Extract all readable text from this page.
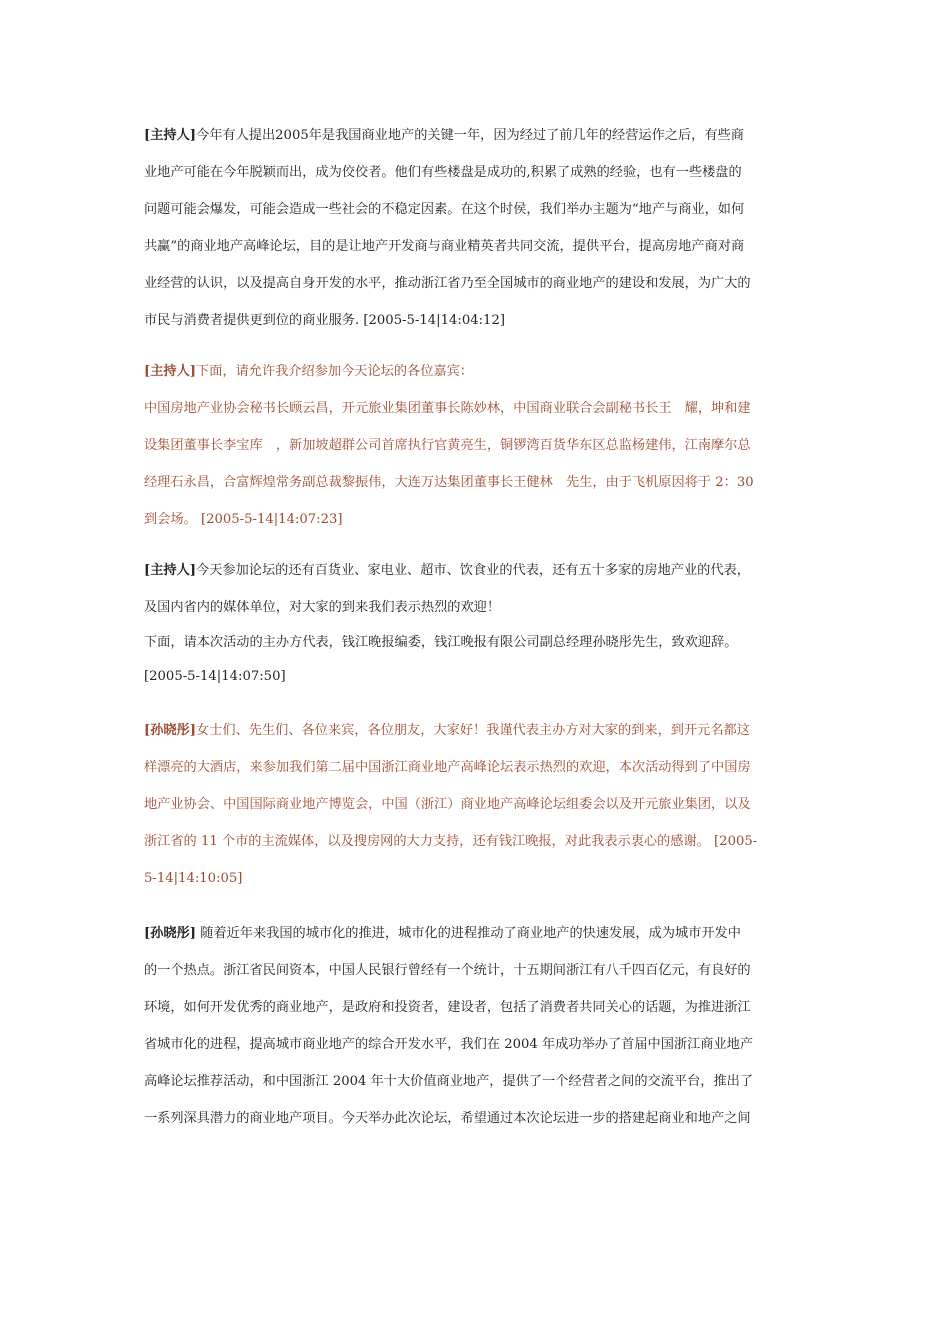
[主持人]今年有人提出2005年是我国商业地产的关键一年，因为经过了前几年的经营运作之后，有些商
业地产可能在今年脱颖而出，成为佼佼者。他们有些楼盘是成功的,积累了成熟的经验，也有一些楼盘的
问题可能会爆发，可能会造成一些社会的不稳定因素。在这个时侯，我们举办主题为“地产与商业，如何
共赢”的商业地产高峰论坛，目的是让地产开发商与商业精英者共同交流，提供平台，提高房地产商对商
业经营的认识，以及提高自身开发的水平，推动浙江省乃至全国城市的商业地产的建设和发展，为广大的
市民与消费者提供更到位的商业服务. [2005-5-14|14:04:12]
[主持人]下面，请允许我介绍参加今天论坛的各位嘉宾：
中国房地产业协会秘书长顾云昌，开元旅业集团董事长陈妙林，中国商业联合会副秘书长王　耀，坤和建
设集团董事长李宝库　，新加坡超群公司首席执行官黄亮生，铜锣湾百货华东区总监杨建伟，江南摩尔总
经理石永昌，合富辉煌常务副总裁黎振伟，大连万达集团董事长王健林　先生，由于飞机原因将于 2：30
到会场。 [2005-5-14|14:07:23]
[主持人]今天参加论坛的还有百货业、家电业、超市、饮食业的代表，还有五十多家的房地产业的代表，
及国内省内的媒体单位，对大家的到来我们表示热烈的欢迎！
下面，请本次活动的主办方代表，钱江晚报编委，钱江晚报有限公司副总经理孙晓彤先生，致欢迎辞。
[2005-5-14|14:07:50]
[孙晓彤]女士们、先生们、各位来宾，各位朋友，大家好！我谨代表主办方对大家的到来，到开元名都这
样漂亮的大酒店，来参加我们第二届中国浙江商业地产高峰论坛表示热烈的欢迎，本次活动得到了中国房
地产业协会、中国国际商业地产博览会，中国（浙江）商业地产高峰论坛组委会以及开元旅业集团，以及
浙江省的 11 个市的主流媒体，以及搜房网的大力支持，还有钱江晚报，对此我表示衷心的感谢。 [2005-
5-14|14:10:05]
[孙晓彤] 随着近年来我国的城市化的推进，城市化的进程推动了商业地产的快速发展，成为城市开发中
的一个热点。浙江省民间资本，中国人民银行曾经有一个统计，十五期间浙江有八千四百亿元，有良好的
环境，如何开发优秀的商业地产，是政府和投资者，建设者，包括了消费者共同关心的话题，为推进浙江
省城市化的进程，提高城市商业地产的综合开发水平，我们在 2004 年成功举办了首届中国浙江商业地产
高峰论坛推荐活动，和中国浙江 2004 年十大价值商业地产，提供了一个经营者之间的交流平台，推出了
一系列深具潜力的商业地产项目。今天举办此次论坛，希望通过本次论坛进一步的搭建起商业和地产之间
